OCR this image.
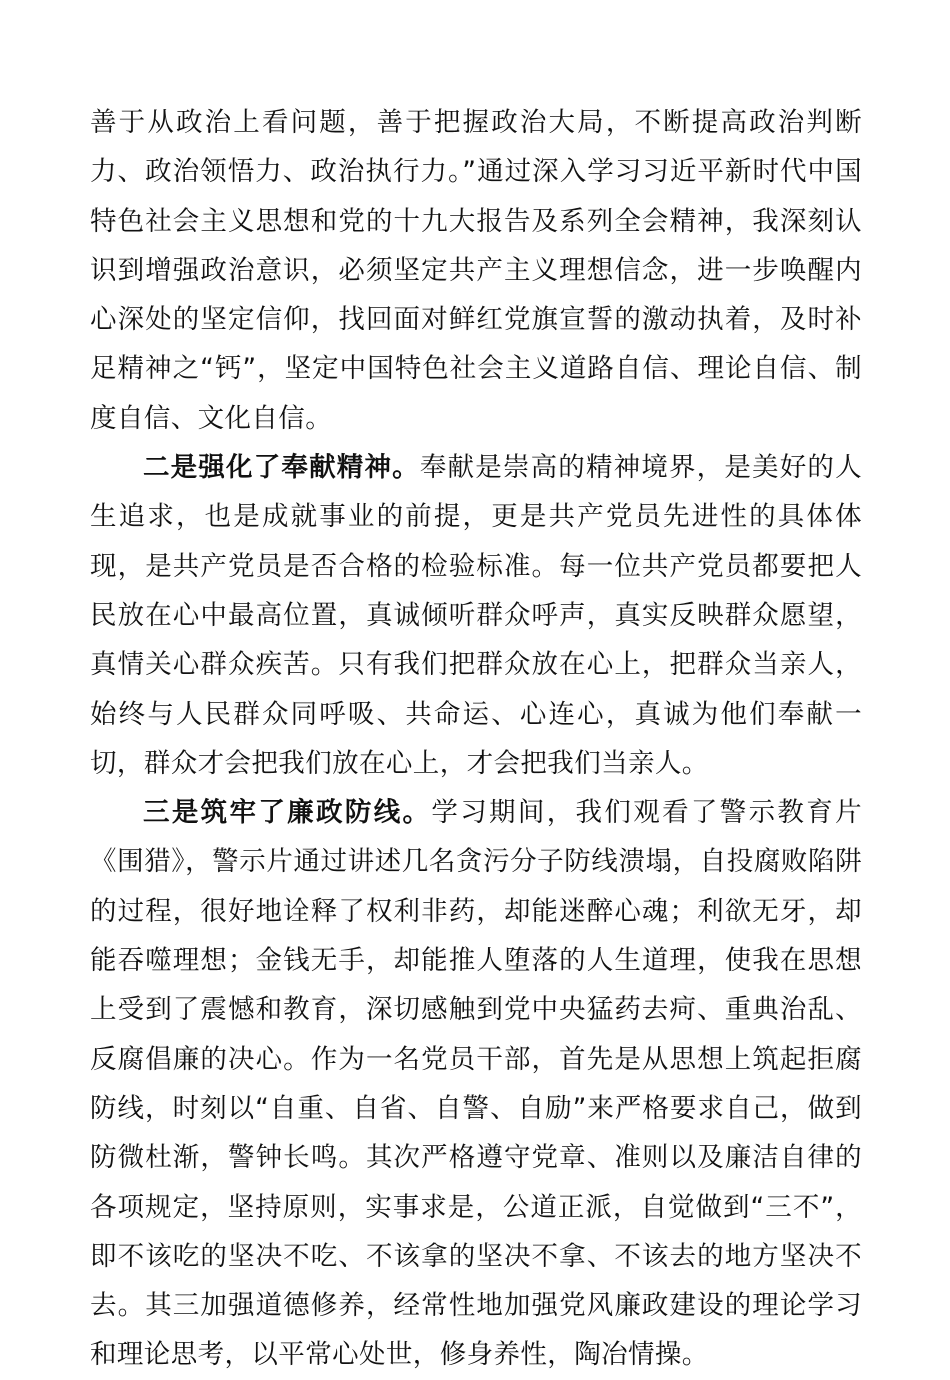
善于从政治上看问题，善于把握政治大局，不断提高政治判断力、政治领悟力、政治执行力。”通过深入学习习近平新时代中国特色社会主义思想和党的十九大报告及系列全会精神，我深刻认识到增强政治意识，必须坚定共产主义理想信念，进一步唤醒内心深处的坚定信仰，找回面对鲜红党旗宣誓的激动执着，及时补足精神之“钙”，坚定中国特色社会主义道路自信、理论自信、制度自信、文化自信。

二是强化了奉献精神。奉献是崇高的精神境界，是美好的人生追求，也是成就事业的前提，更是共产党员先进性的具体体现，是共产党员是否合格的检验标准。每一位共产党员都要把人民放在心中最高位置，真诚倾听群众呼声，真实反映群众愿望，真情关心群众疾苦。只有我们把群众放在心上，把群众当亲人，始终与人民群众同呼吸、共命运、心连心，真诚为他们奉献一切，群众才会把我们放在心上，才会把我们当亲人。

三是筑牢了廉政防线。学习期间，我们观看了警示教育片《围猎》，警示片通过讲述几名贪污分子防线溃塌，自投腐败陷阱的过程，很好地诠释了权利非药，却能迷醉心魂；利欲无牙，却能吞噬理想；金钱无手，却能推人堕落的人生道理，使我在思想上受到了震憾和教育，深切感触到党中央猛药去疴、重典治乱、反腐倡廉的决心。作为一名党员干部，首先是从思想上筑起拒腐防线，时刻以“自重、自省、自警、自励”来严格要求自己，做到防微杜渐，警钟长鸣。其次严格遵守党章、准则以及廉洁自律的各项规定，坚持原则，实事求是，公道正派，自觉做到“三不”，即不该吃的坚决不吃、不该拿的坚决不拿、不该去的地方坚决不去。其三加强道德修养，经常性地加强党风廉政建设的理论学习和理论思考，以平常心处世，修身养性，陶冶情操。
